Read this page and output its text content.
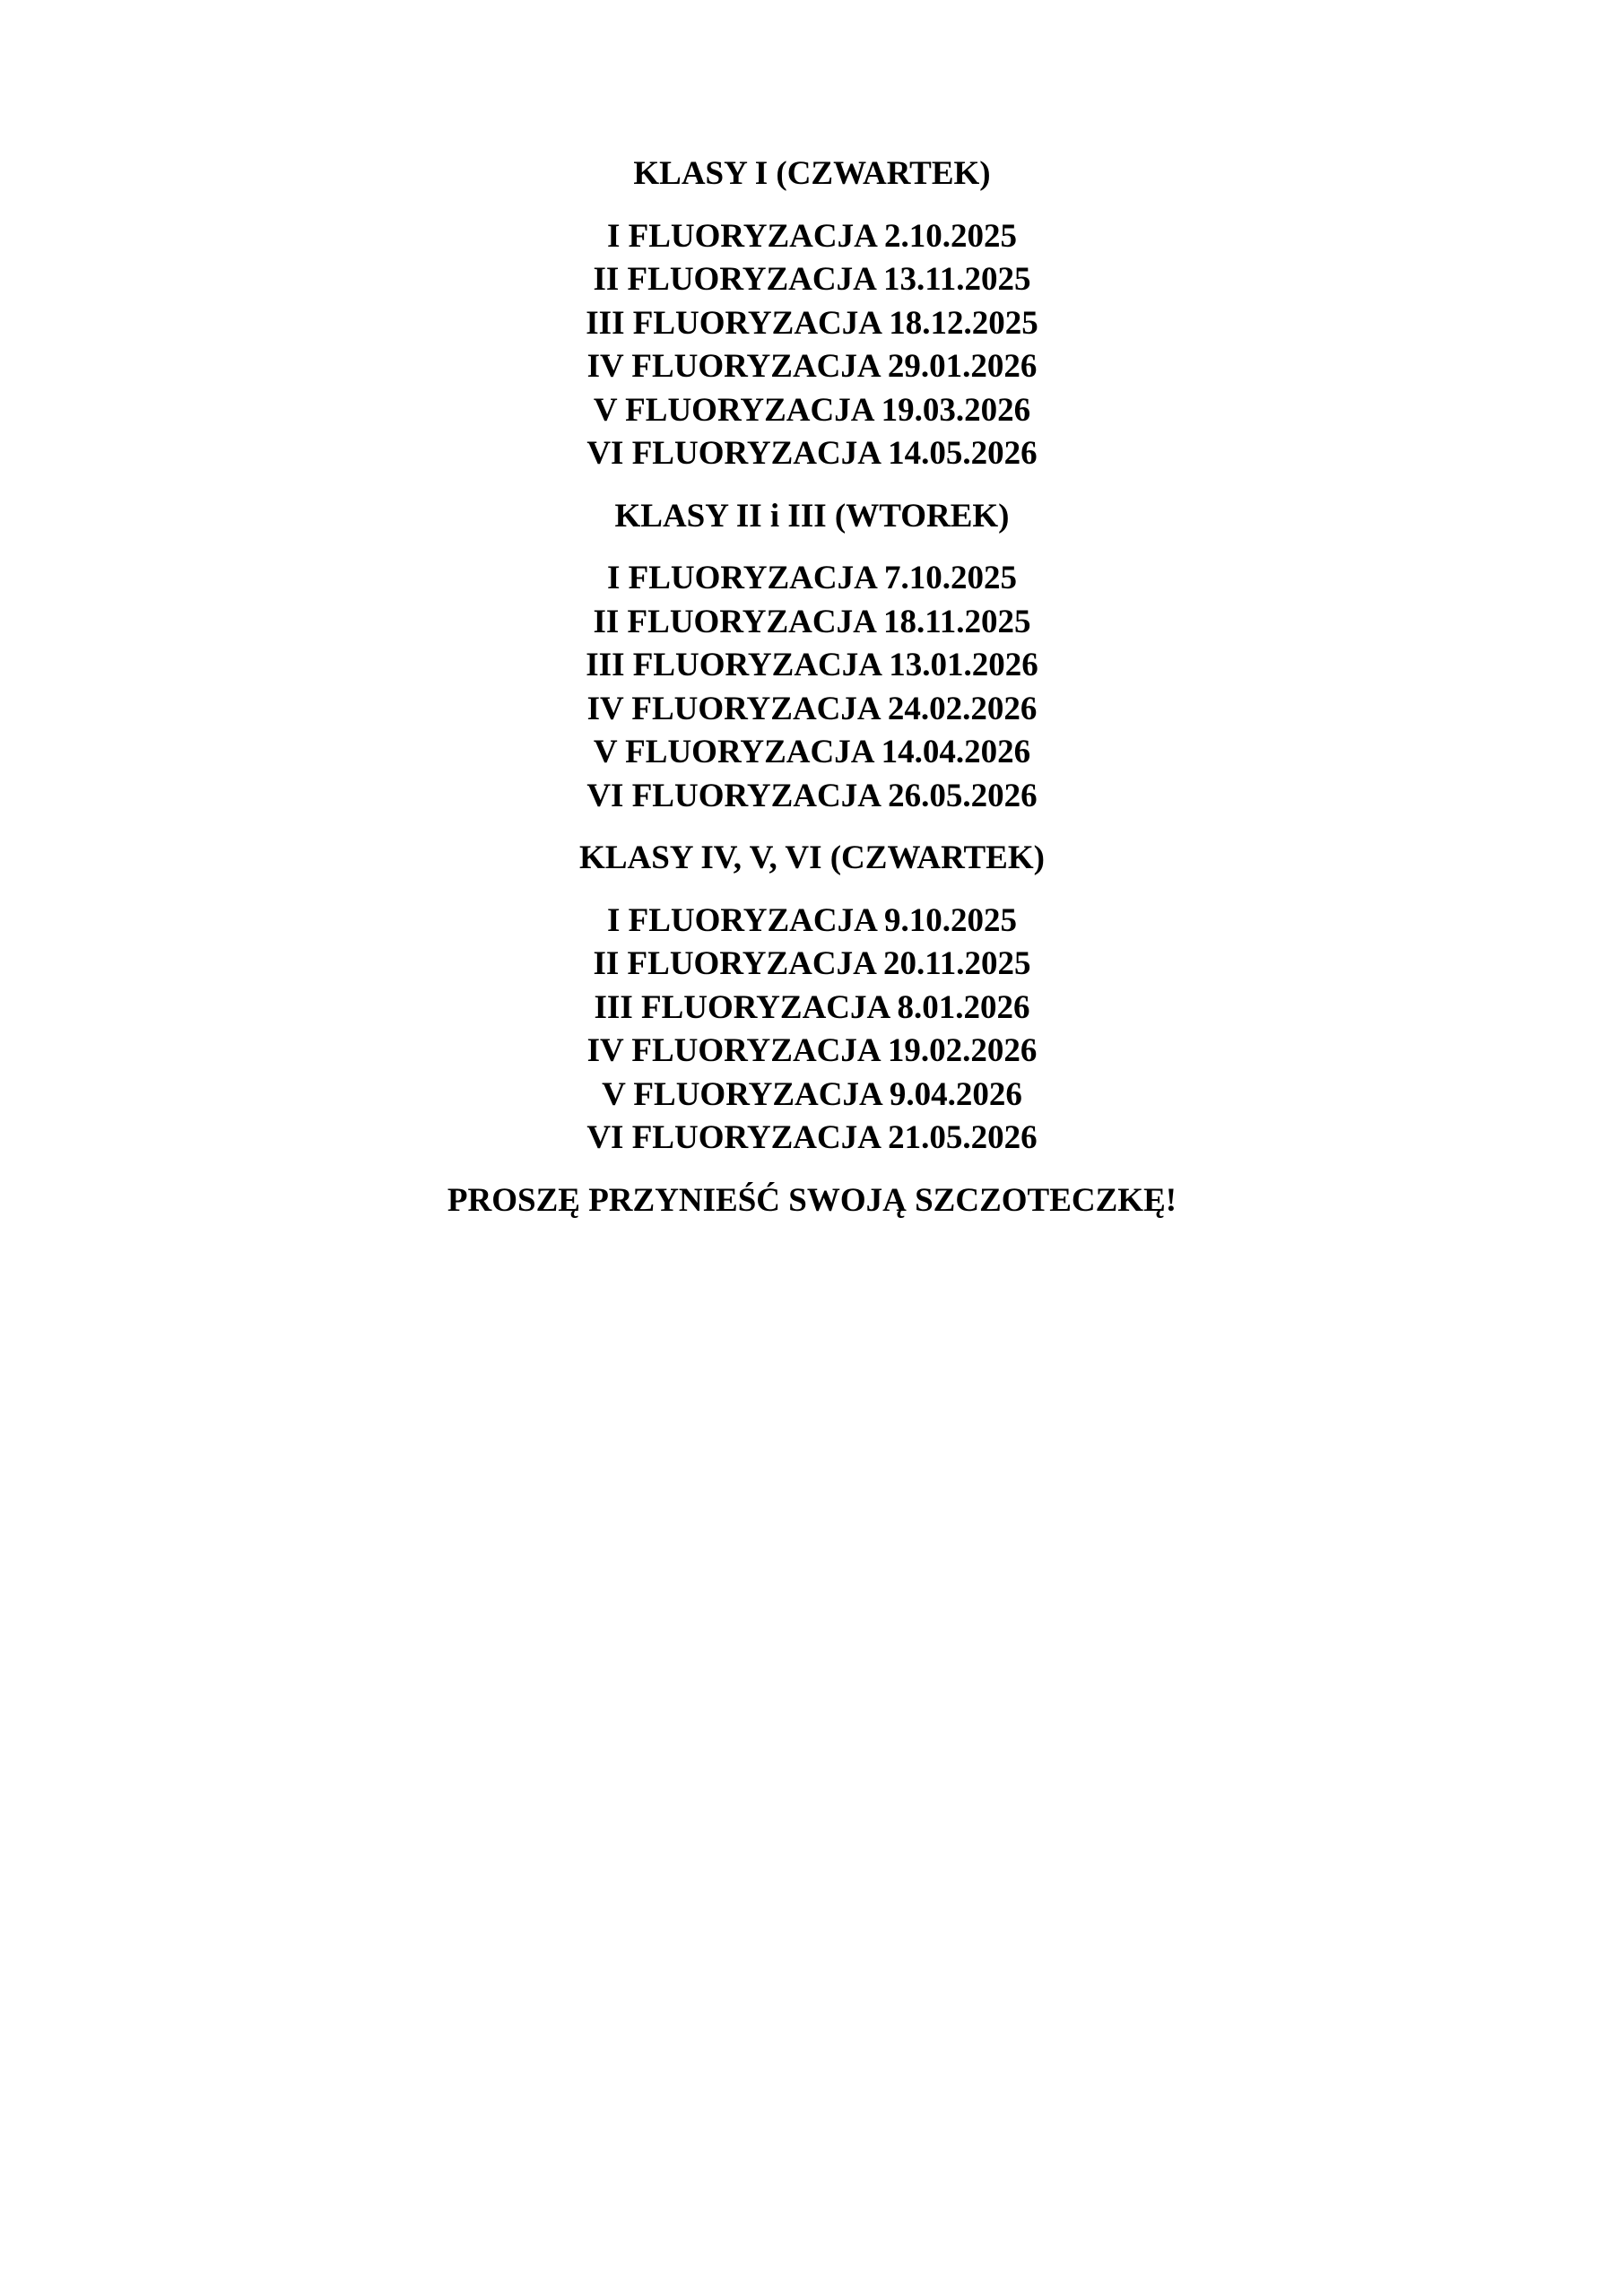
KLASY I (CZWARTEK)

I FLUORYZACJA 2.10.2025
II FLUORYZACJA 13.11.2025
III FLUORYZACJA 18.12.2025
IV FLUORYZACJA 29.01.2026
V FLUORYZACJA 19.03.2026
VI FLUORYZACJA 14.05.2026

KLASY II i III (WTOREK)

I FLUORYZACJA 7.10.2025
II FLUORYZACJA 18.11.2025
III FLUORYZACJA 13.01.2026
IV FLUORYZACJA 24.02.2026
V FLUORYZACJA 14.04.2026
VI FLUORYZACJA 26.05.2026

KLASY IV, V, VI (CZWARTEK)

I FLUORYZACJA 9.10.2025
II FLUORYZACJA 20.11.2025
III FLUORYZACJA 8.01.2026
IV FLUORYZACJA 19.02.2026
V FLUORYZACJA 9.04.2026
VI FLUORYZACJA 21.05.2026

PROSZĘ PRZYNIEŚĆ SWOJĄ SZCZOTECZKĘ!
